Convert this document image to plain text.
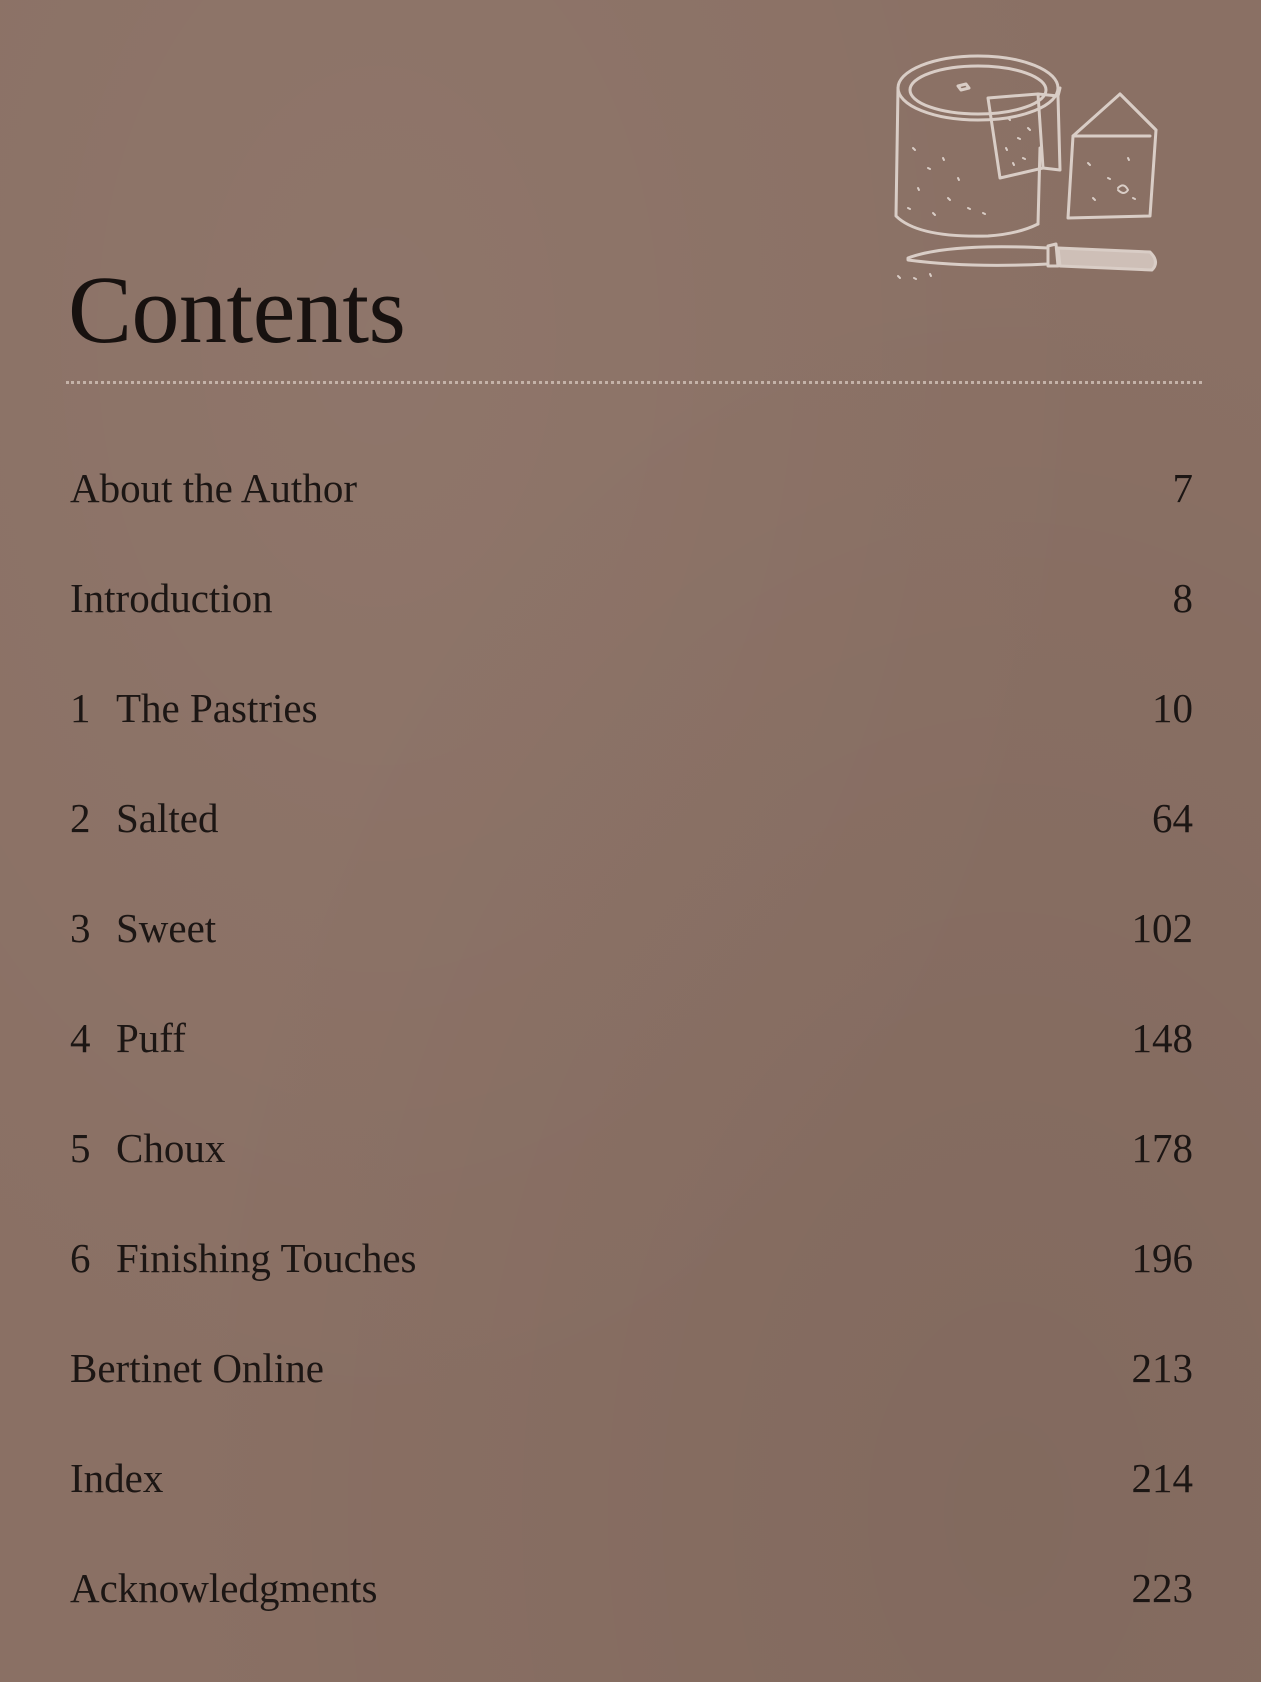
Contents
About the Author	7
Introduction	8
1 The Pastries	10
2 Salted	64
3 Sweet	102
4 Puff	148
5 Choux	178
6 Finishing Touches	196
Bertinet Online	213
Index	214
Acknowledgments	223
